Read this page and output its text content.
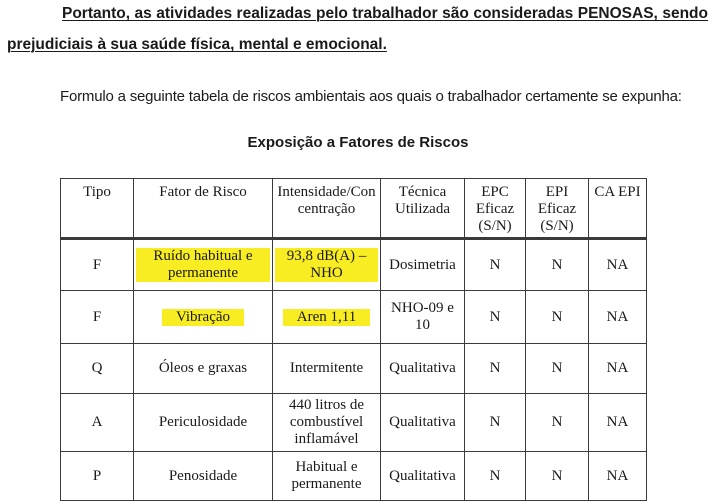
Portanto, as atividades realizadas pelo trabalhador são consideradas PENOSAS, sendo
prejudiciais à sua saúde física, mental e emocional.
Formulo a seguinte tabela de riscos ambientais aos quais o trabalhador certamente se expunha:
Exposição a Fatores de Riscos
Tipo	Fator de Risco	Intensidade/Concentração	Técnica Utilizada	EPC Eficaz (S/N)	EPI Eficaz (S/N)	CA EPI
F	Ruído habitual e permanente	93,8 dB(A) – NHO	Dosimetria	N	N	NA
F	Vibração	Aren 1,11	NHO-09 e 10	N	N	NA
Q	Óleos e graxas	Intermitente	Qualitativa	N	N	NA
A	Periculosidade	440 litros de combustível inflamável	Qualitativa	N	N	NA
P	Penosidade	Habitual e permanente	Qualitativa	N	N	NA
